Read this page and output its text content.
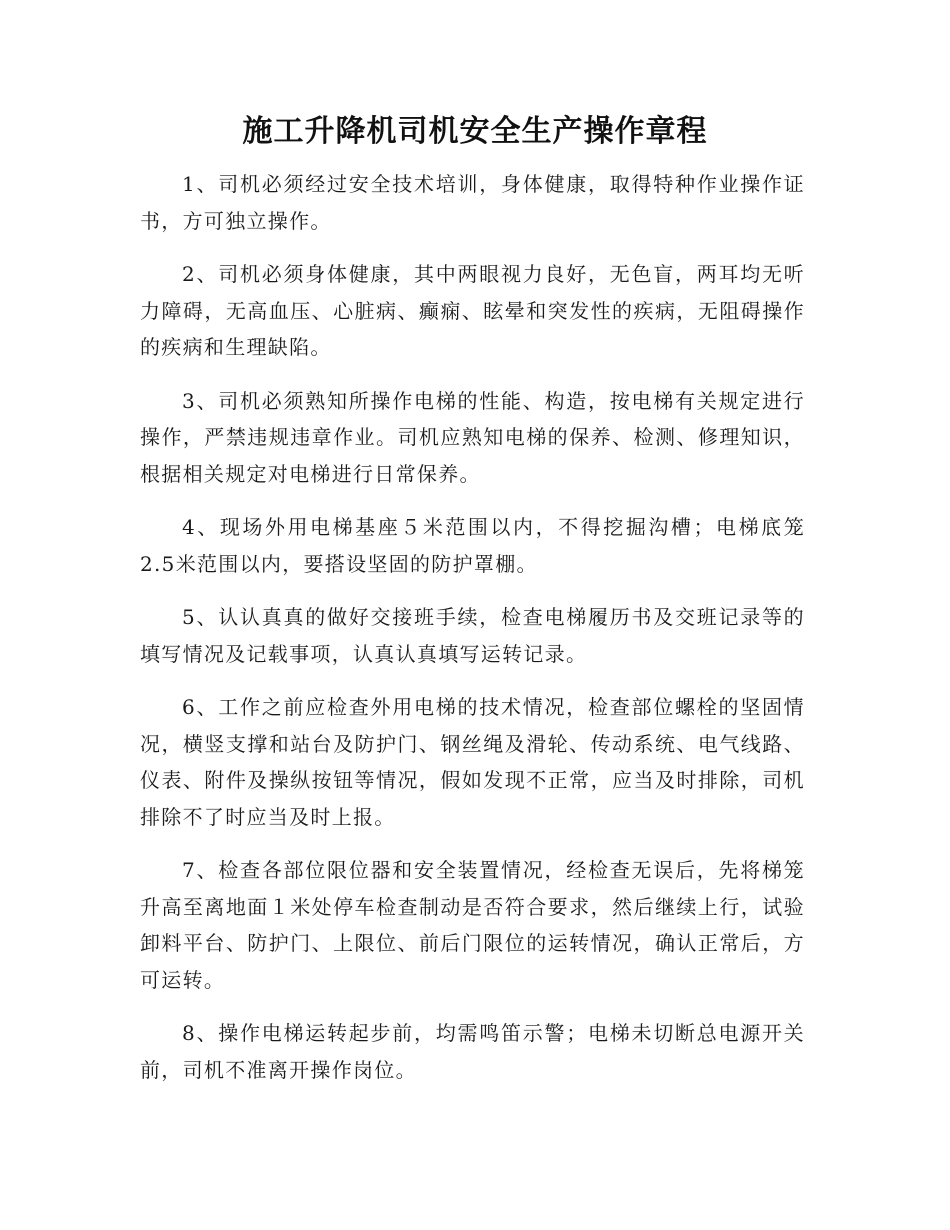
施工升降机司机安全生产操作章程

1、司机必须经过安全技术培训，身体健康，取得特种作业操作证书，方可独立操作。

2、司机必须身体健康，其中两眼视力良好，无色盲，两耳均无听力障碍，无高血压、心脏病、癫痫、眩晕和突发性的疾病，无阻碍操作的疾病和生理缺陷。

3、司机必须熟知所操作电梯的性能、构造，按电梯有关规定进行操作，严禁违规违章作业。司机应熟知电梯的保养、检测、修理知识，根据相关规定对电梯进行日常保养。

4、现场外用电梯基座５米范围以内，不得挖掘沟槽；电梯底笼2.5米范围以内，要搭设坚固的防护罩棚。

5、认认真真的做好交接班手续，检查电梯履历书及交班记录等的填写情况及记载事项，认真认真填写运转记录。

6、工作之前应检查外用电梯的技术情况，检查部位螺栓的坚固情况，横竖支撑和站台及防护门、钢丝绳及滑轮、传动系统、电气线路、仪表、附件及操纵按钮等情况，假如发现不正常，应当及时排除，司机排除不了时应当及时上报。

7、检查各部位限位器和安全装置情况，经检查无误后，先将梯笼升高至离地面１米处停车检查制动是否符合要求，然后继续上行，试验卸料平台、防护门、上限位、前后门限位的运转情况，确认正常后，方可运转。

8、操作电梯运转起步前，均需鸣笛示警；电梯未切断总电源开关前，司机不准离开操作岗位。
